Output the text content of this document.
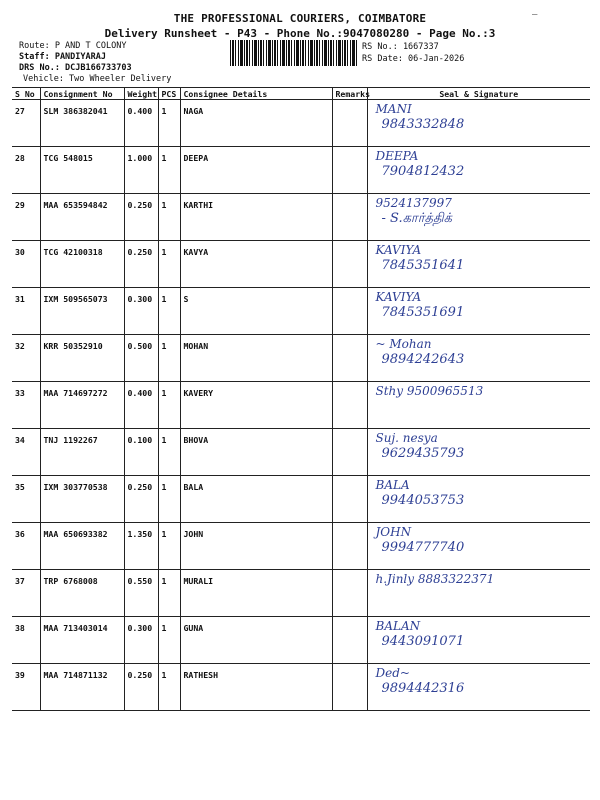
THE PROFESSIONAL COURIERS, COIMBATORE
Delivery Runsheet - P43 - Phone No.:9047080280 - Page No.:3
–
Route: P AND T COLONY
Staff: PANDIYARAJ
DRS No.: DCJB166733703
Vehicle: Two Wheeler Delivery
RS No.: 1667337
RS Date: 06-Jan-2026
S No	Consignment No	Weight	PCS	Consignee Details	Remarks	Seal & Signature
27	SLM 386382041	0.400	1	NAGA		MANI
9843332848

28	TCG 548015	1.000	1	DEEPA		DEEPA
7904812432

29	MAA 653594842	0.250	1	KARTHI		9524137997
- S.கார்த்திக்

30	TCG 42100318	0.250	1	KAVYA		KAVIYA
7845351641

31	IXM 509565073	0.300	1	S		KAVIYA
7845351691

32	KRR 50352910	0.500	1	MOHAN		~ Mohan
9894242643

33	MAA 714697272	0.400	1	KAVERY		Sthy 9500965513

34	TNJ 1192267	0.100	1	BHOVA		Suj. nesya
9629435793

35	IXM 303770538	0.250	1	BALA		BALA
9944053753

36	MAA 650693382	1.350	1	JOHN		JOHN
9994777740

37	TRP 6768008	0.550	1	MURALI		h.Jinly 8883322371

38	MAA 713403014	0.300	1	GUNA		BALAN
9443091071

39	MAA 714871132	0.250	1	RATHESH		Ded~
9894442316
